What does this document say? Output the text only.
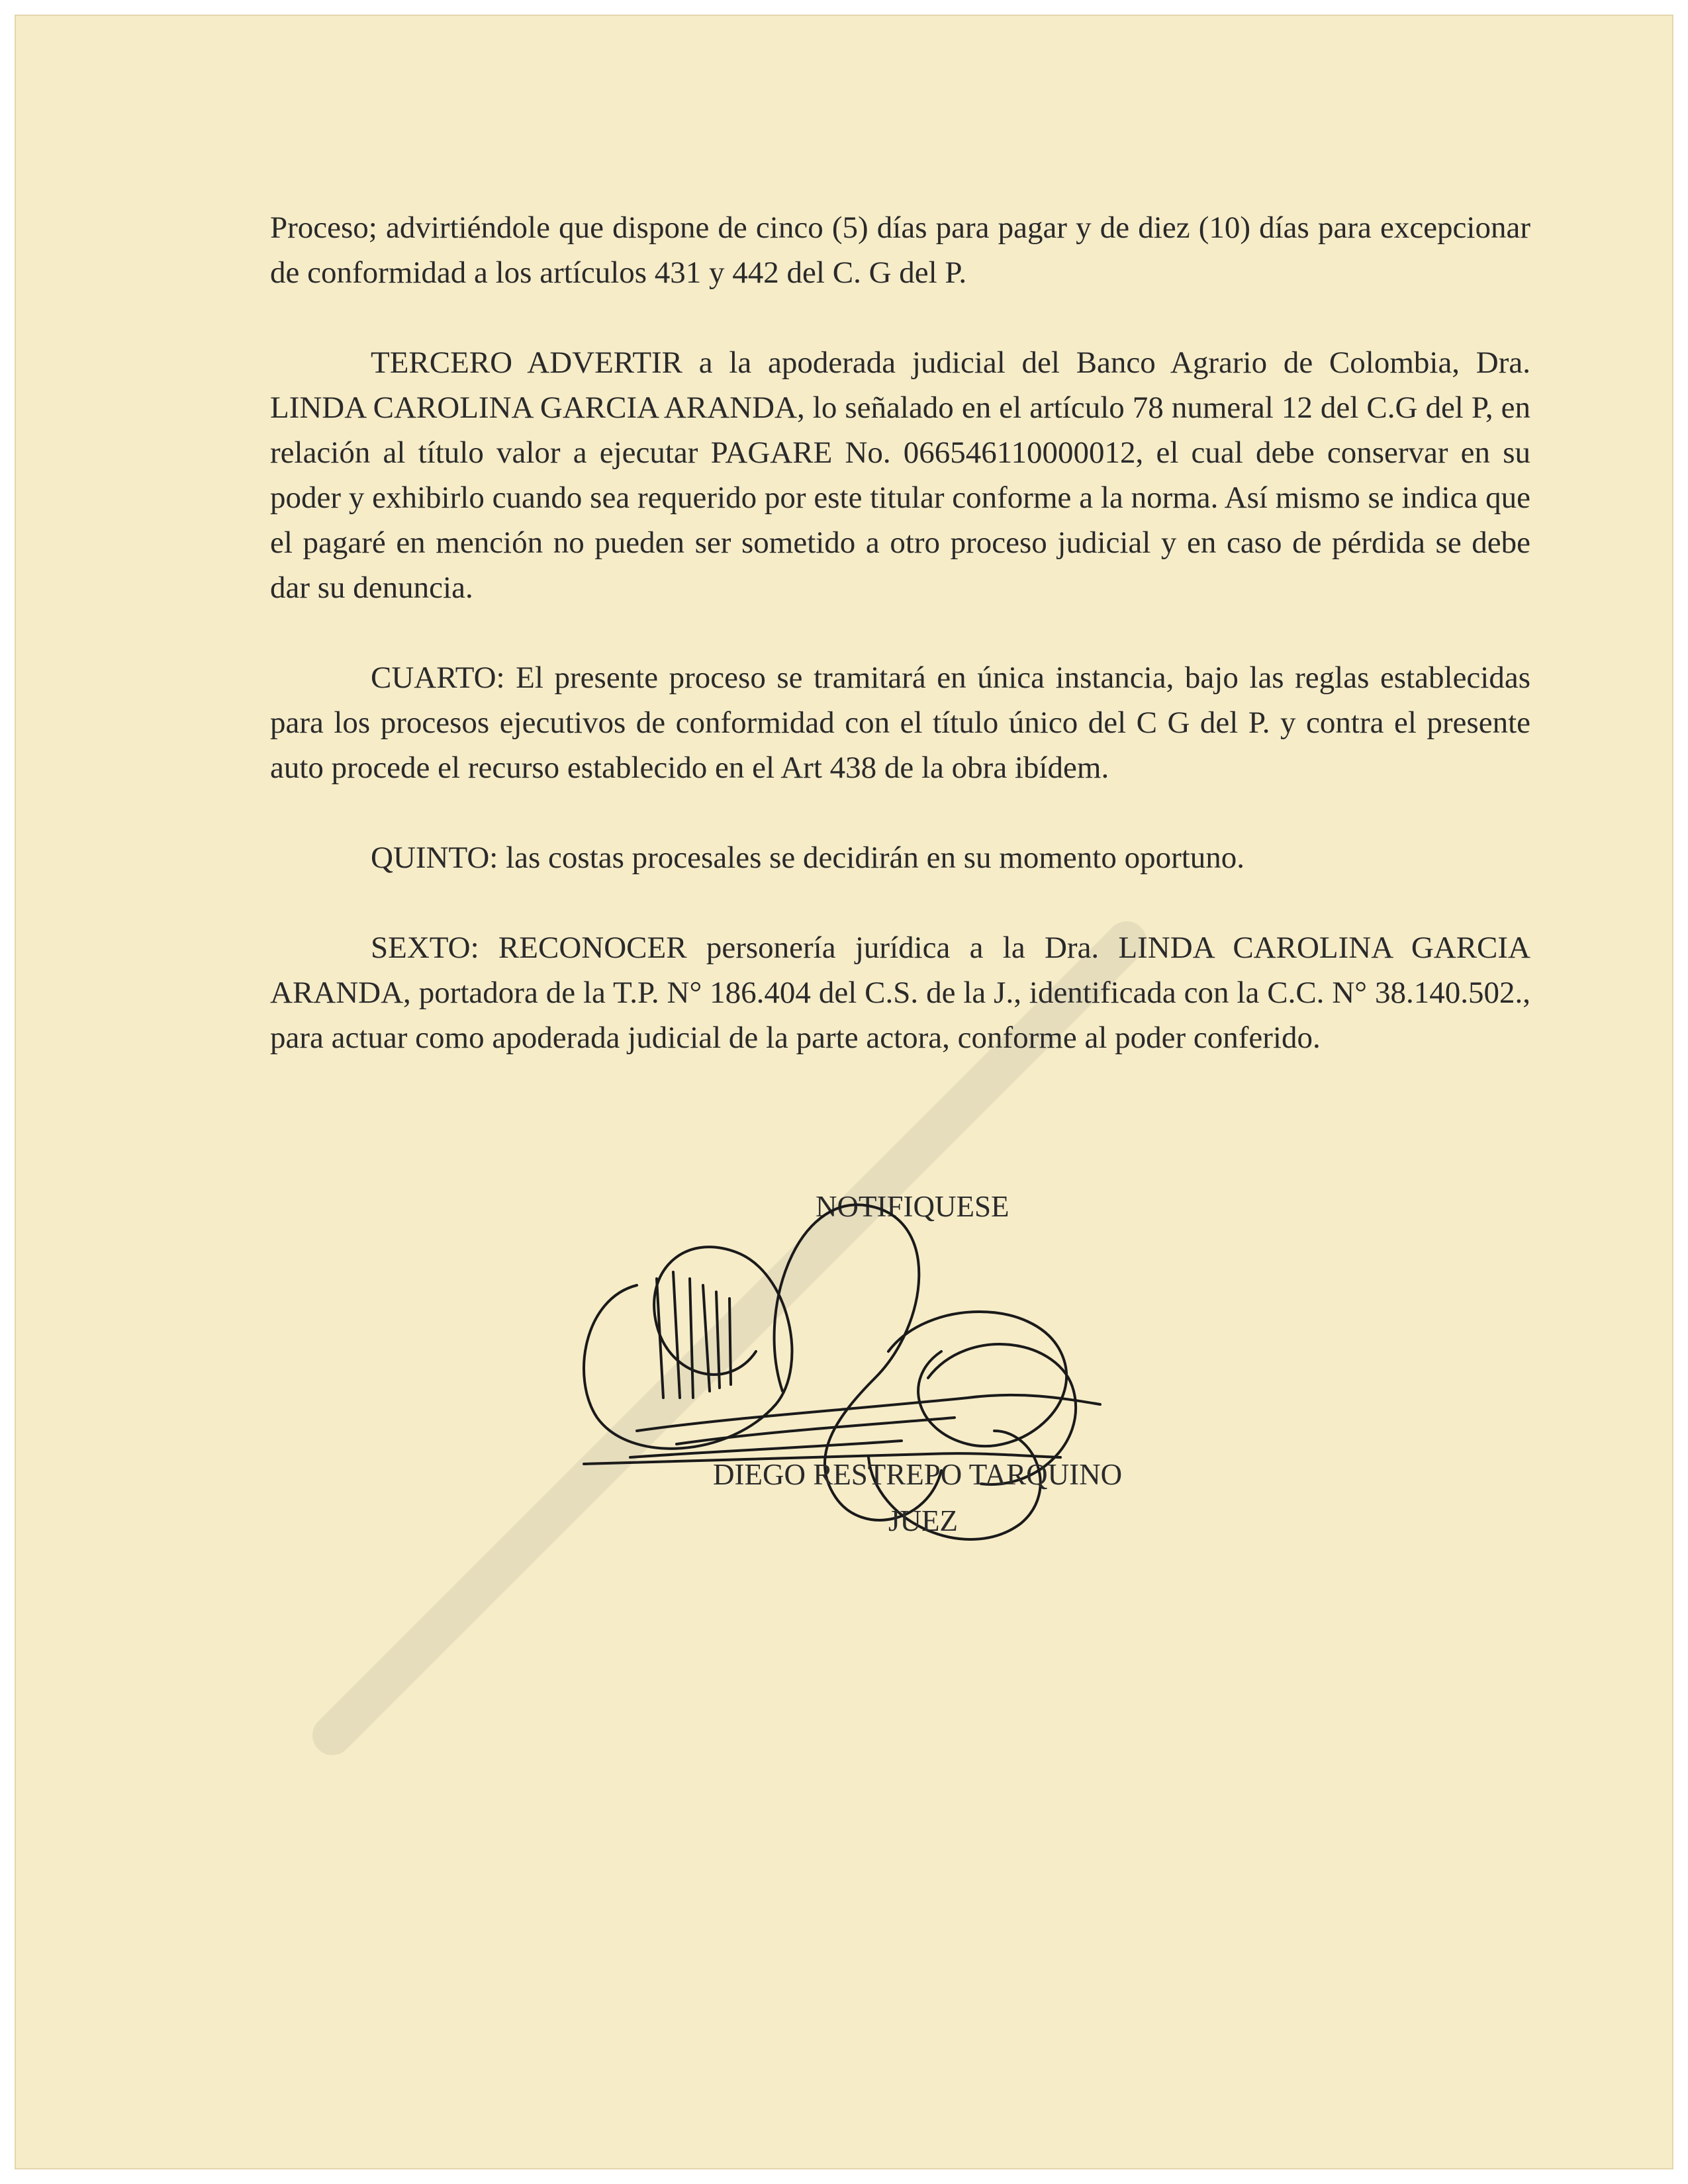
Proceso; advirtiéndole que dispone de cinco (5) días para pagar y de diez (10) días para excepcionar de conformidad a los artículos 431 y 442 del C. G del P.

TERCERO ADVERTIR a la apoderada judicial del Banco Agrario de Colombia, Dra. LINDA CAROLINA GARCIA ARANDA, lo señalado en el artículo 78 numeral 12 del C.G del P, en relación al título valor a ejecutar PAGARE No. 066546110000012, el cual debe conservar en su poder y exhibirlo cuando sea requerido por este titular conforme a la norma. Así mismo se indica que el pagaré en mención no pueden ser sometido a otro proceso judicial y en caso de pérdida se debe dar su denuncia.

CUARTO: El presente proceso se tramitará en única instancia, bajo las reglas establecidas para los procesos ejecutivos de conformidad con el título único del C G del P. y contra el presente auto procede el recurso establecido en el Art 438 de la obra ibídem.

QUINTO: las costas procesales se decidirán en su momento oportuno.

SEXTO: RECONOCER personería jurídica a la Dra. LINDA CAROLINA GARCIA ARANDA, portadora de la T.P. N° 186.404 del C.S. de la J., identificada con la C.C. N° 38.140.502., para actuar como apoderada judicial de la parte actora, conforme al poder conferido.

NOTIFIQUESE
DIEGO RESTREPO TARQUINO
JUEZ
